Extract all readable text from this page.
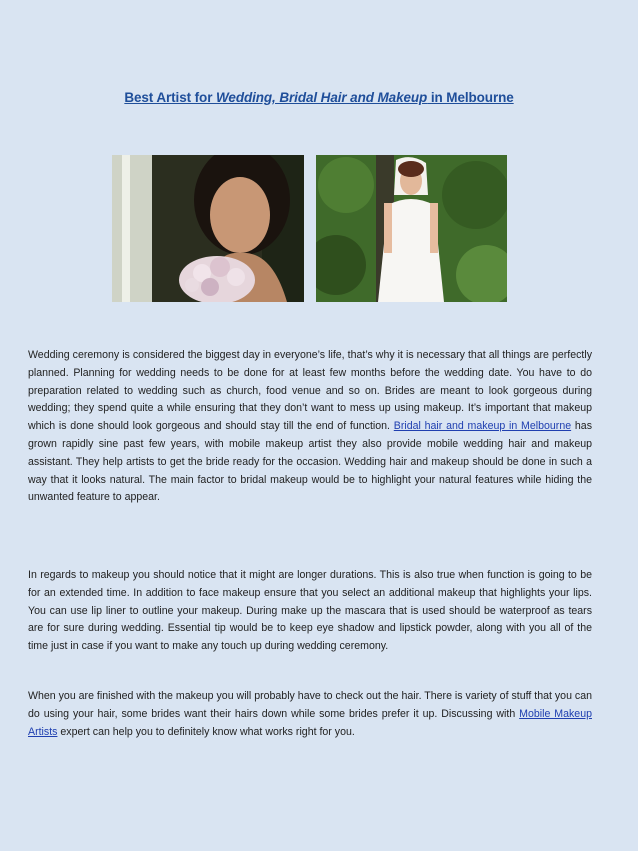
Best Artist for Wedding, Bridal Hair and Makeup in Melbourne

Wedding ceremony is considered the biggest day in everyone’s life, that’s why it is necessary that all things are perfectly planned. Planning for wedding needs to be done for at least few months before the wedding date. You have to do preparation related to wedding such as church, food venue and so on. Brides are meant to look gorgeous during wedding; they spend quite a while ensuring that they don’t want to mess up using makeup. It’s important that makeup which is done should look gorgeous and should stay till the end of function. Bridal hair and makeup in Melbourne has grown rapidly sine past few years, with mobile makeup artist they also provide mobile wedding hair and makeup assistant. They help artists to get the bride ready for the occasion. Wedding hair and makeup should be done in such a way that it looks natural. The main factor to bridal makeup would be to highlight your natural features while hiding the unwanted feature to appear.

In regards to makeup you should notice that it might are longer durations. This is also true when function is going to be for an extended time. In addition to face makeup ensure that you select an additional makeup that highlights your lips. You can use lip liner to outline your makeup. During make up the mascara that is used should be waterproof as tears are for sure during wedding. Essential tip would be to keep eye shadow and lipstick powder, along with you all of the time just in case if you want to make any touch up during wedding ceremony.

When you are finished with the makeup you will probably have to check out the hair. There is variety of stuff that you can do using your hair, some brides want their hairs down while some brides prefer it up. Discussing with Mobile Makeup Artists expert can help you to definitely know what works right for you.
